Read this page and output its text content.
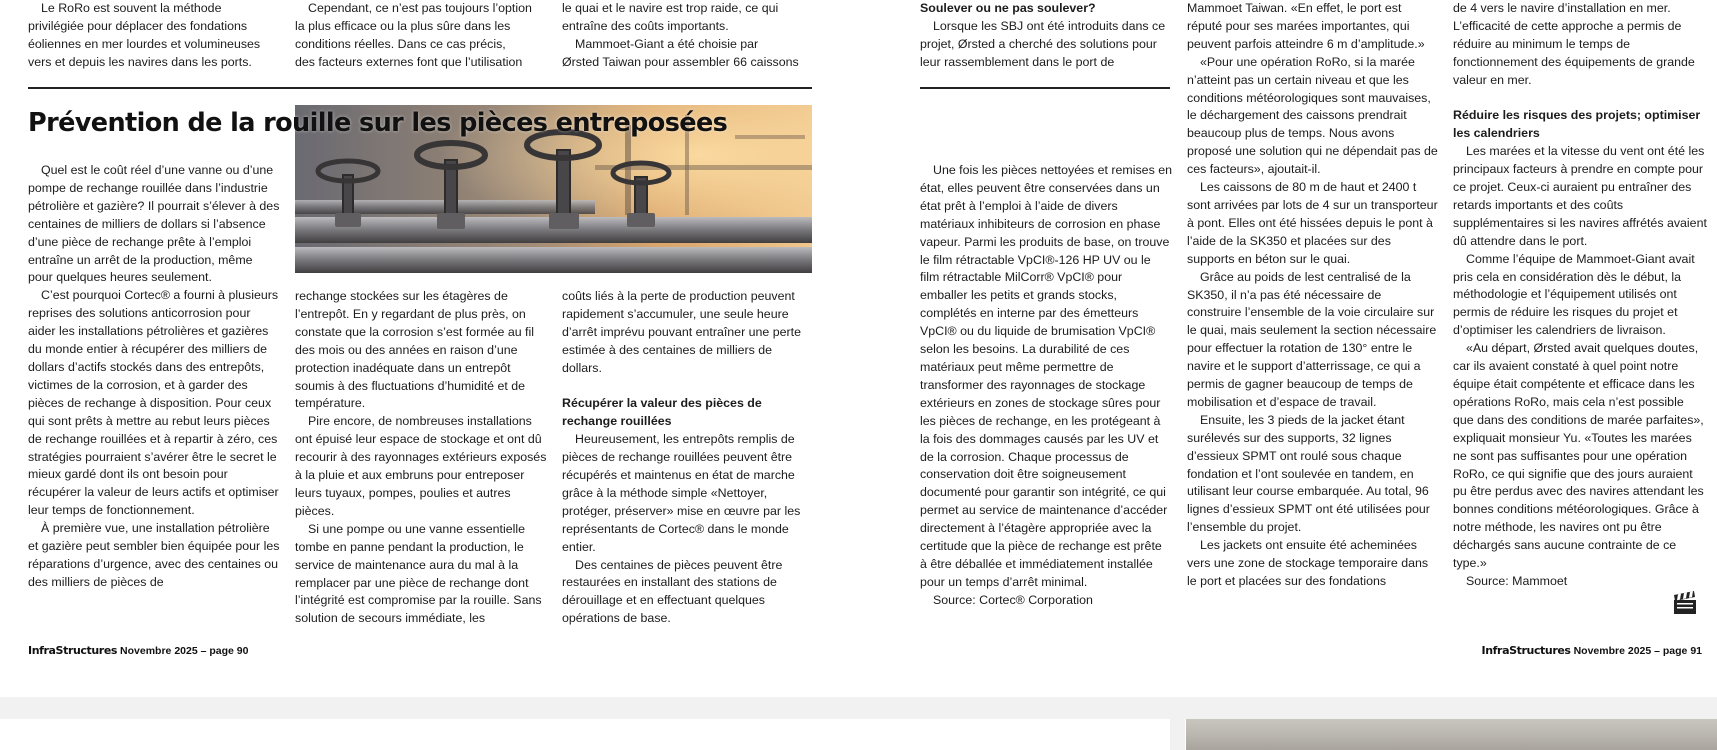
Le RoRo est souvent la méthode
privilégiée pour déplacer des fondations
éoliennes en mer lourdes et volumineuses
vers et depuis les navires dans les ports.
Cependant, ce n’est pas toujours l’option
la plus efficace ou la plus sûre dans les
conditions réelles. Dans ce cas précis,
des facteurs externes font que l’utilisation
le quai et le navire est trop raide, ce qui
entraîne des coûts importants.
Mammoet-Giant a été choisie par
Ørsted Taiwan pour assembler 66 caissons
Prévention de la rouille sur les pièces entreposées

Quel est le coût réel d’une vanne ou d’une pompe de rechange rouillée dans l’industrie pétrolière et gazière? Il pourrait s’élever à des centaines de milliers de dollars si l’absence d’une pièce de rechange prête à l’emploi entraîne un arrêt de la production, même pour quelques heures seulement.

C’est pourquoi Cortec® a fourni à plusieurs reprises des solutions anticorrosion pour aider les installations pétrolières et gazières du monde entier à récupérer des milliers de dollars d’actifs stockés dans des entrepôts, victimes de la corrosion, et à garder des pièces de rechange à disposition. Pour ceux qui sont prêts à mettre au rebut leurs pièces de rechange rouillées et à repartir à zéro, ces stratégies pourraient s’avérer être le secret le mieux gardé dont ils ont besoin pour récupérer la valeur de leurs actifs et optimiser leur temps de fonctionnement.

À première vue, une installation pétrolière et gazière peut sembler bien équipée pour les réparations d’urgence, avec des centaines ou des milliers de pièces de

rechange stockées sur les étagères de l’entrepôt. En y regardant de plus près, on constate que la corrosion s’est formée au fil des mois ou des années en raison d’une protection inadéquate dans un entrepôt soumis à des fluctuations d’humidité et de température.

Pire encore, de nombreuses installations ont épuisé leur espace de stockage et ont dû recourir à des rayonnages extérieurs exposés à la pluie et aux embruns pour entreposer leurs tuyaux, pompes, poulies et autres pièces.

Si une pompe ou une vanne essentielle tombe en panne pendant la production, le service de maintenance aura du mal à la remplacer par une pièce de rechange dont l’intégrité est compromise par la rouille. Sans solution de secours immédiate, les

coûts liés à la perte de production peuvent rapidement s’accumuler, une seule heure d’arrêt imprévu pouvant entraîner une perte estimée à des centaines de milliers de dollars.

Récupérer la valeur des pièces de rechange rouillées

Heureusement, les entrepôts remplis de pièces de rechange rouillées peuvent être récupérés et maintenus en état de marche grâce à la méthode simple «Nettoyer, protéger, préserver» mise en œuvre par les représentants de Cortec® dans le monde entier.

Des centaines de pièces peuvent être restaurées en installant des stations de dérouillage et en effectuant quelques opérations de base.

InfraStructures Novembre 2025 – page 90
Soulever ou ne pas soulever?

Lorsque les SBJ ont été introduits dans ce projet, Ørsted a cherché des solutions pour leur rassemblement dans le port de

Une fois les pièces nettoyées et remises en état, elles peuvent être conservées dans un état prêt à l’emploi à l’aide de divers matériaux inhibiteurs de corrosion en phase vapeur. Parmi les produits de base, on trouve le film rétractable VpCI®-126 HP UV ou le film rétractable MilCorr® VpCI® pour emballer les petits et grands stocks, complétés en interne par des émetteurs VpCI® ou du liquide de brumisation VpCI® selon les besoins. La durabilité de ces matériaux peut même permettre de transformer des rayonnages de stockage extérieurs en zones de stockage sûres pour les pièces de rechange, en les protégeant à la fois des dommages causés par les UV et de la corrosion. Chaque processus de conservation doit être soigneusement documenté pour garantir son intégrité, ce qui permet au service de maintenance d’accéder directement à l’étagère appropriée avec la certitude que la pièce de rechange est prête à être déballée et immédiatement installée pour un temps d’arrêt minimal.

Source: Cortec® Corporation

Mammoet Taiwan. «En effet, le port est réputé pour ses marées importantes, qui peuvent parfois atteindre 6 m d’amplitude.»

«Pour une opération RoRo, si la marée n’atteint pas un certain niveau et que les conditions météorologiques sont mauvaises, le déchargement des caissons prendrait beaucoup plus de temps. Nous avons proposé une solution qui ne dépendait pas de ces facteurs», ajoutait-il.

Les caissons de 80 m de haut et 2400 t sont arrivées par lots de 4 sur un transporteur à pont. Elles ont été hissées depuis le pont à l’aide de la SK350 et placées sur des supports en béton sur le quai.

Grâce au poids de lest centralisé de la SK350, il n’a pas été nécessaire de construire l’ensemble de la voie circulaire sur le quai, mais seulement la section nécessaire pour effectuer la rotation de 130° entre le navire et le support d’atterrissage, ce qui a permis de gagner beaucoup de temps de mobilisation et d’espace de travail.

Ensuite, les 3 pieds de la jacket étant surélevés sur des supports, 32 lignes d’essieux SPMT ont roulé sous chaque fondation et l’ont soulevée en tandem, en utilisant leur course embarquée. Au total, 96 lignes d’essieux SPMT ont été utilisées pour l’ensemble du projet.

Les jackets ont ensuite été acheminées vers une zone de stockage temporaire dans le port et placées sur des fondations

de 4 vers le navire d’installation en mer. L’efficacité de cette approche a permis de réduire au minimum le temps de fonctionnement des équipements de grande valeur en mer.

Réduire les risques des projets; optimiser les calendriers

Les marées et la vitesse du vent ont été les principaux facteurs à prendre en compte pour ce projet. Ceux-ci auraient pu entraîner des retards importants et des coûts supplémentaires si les navires affrétés avaient dû attendre dans le port.

Comme l’équipe de Mammoet-Giant avait pris cela en considération dès le début, la méthodologie et l’équipement utilisés ont permis de réduire les risques du projet et d’optimiser les calendriers de livraison.

«Au départ, Ørsted avait quelques doutes, car ils avaient constaté à quel point notre équipe était compétente et efficace dans les opérations RoRo, mais cela n’est possible que dans des conditions de marée parfaites», expliquait monsieur Yu. «Toutes les marées ne sont pas suffisantes pour une opération RoRo, ce qui signifie que des jours auraient pu être perdus avec des navires attendant les bonnes conditions météorologiques. Grâce à notre méthode, les navires ont pu être déchargés sans aucune contrainte de ce type.»

Source: Mammoet

InfraStructures Novembre 2025 – page 91
